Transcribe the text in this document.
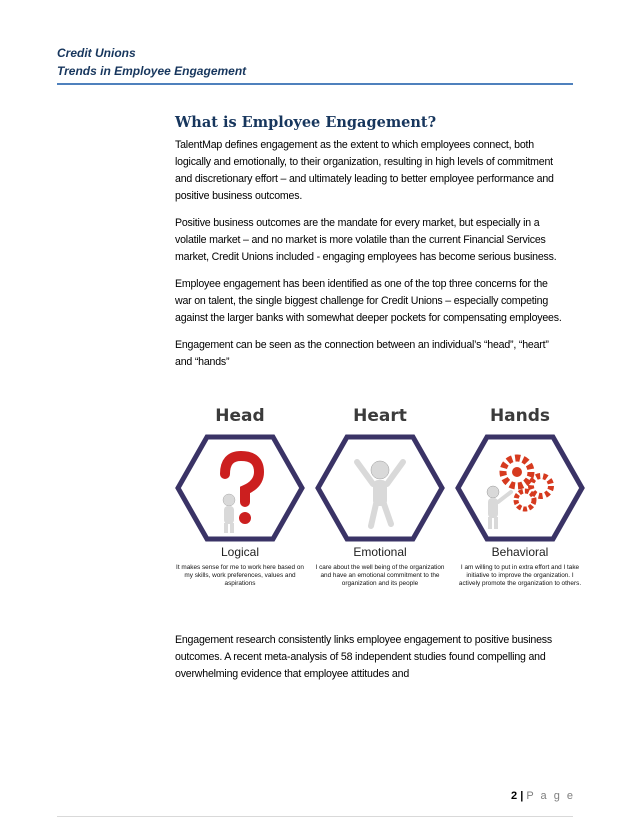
Credit Unions
Trends in Employee Engagement
What is Employee Engagement?

TalentMap defines engagement as the extent to which employees connect, both logically and emotionally, to their organization, resulting in high levels of commitment and discretionary effort – and ultimately leading to better employee performance and positive business outcomes.

Positive business outcomes are the mandate for every market, but especially in a volatile market – and no market is more volatile than the current Financial Services market, Credit Unions included - engaging employees has become serious business.

Employee engagement has been identified as one of the top three concerns for the war on talent, the single biggest challenge for Credit Unions – especially competing against the larger banks with somewhat deeper pockets for compensating employees.

Engagement can be seen as the connection between an individual’s “head”, “heart” and “hands”

Head
Logical
It makes sense for me to work here based on my skills, work preferences, values and aspirations
Heart
Emotional
I care about the well being of the organization and have an emotional commitment to the organization and its people
Hands
Behavioral
I am willing to put in extra effort and I take initiative to improve the organization. I actively promote the organization to others.

Engagement research consistently links employee engagement to positive business outcomes. A recent meta-analysis of 58 independent studies found compelling and overwhelming evidence that employee attitudes and

2 | P a g e
